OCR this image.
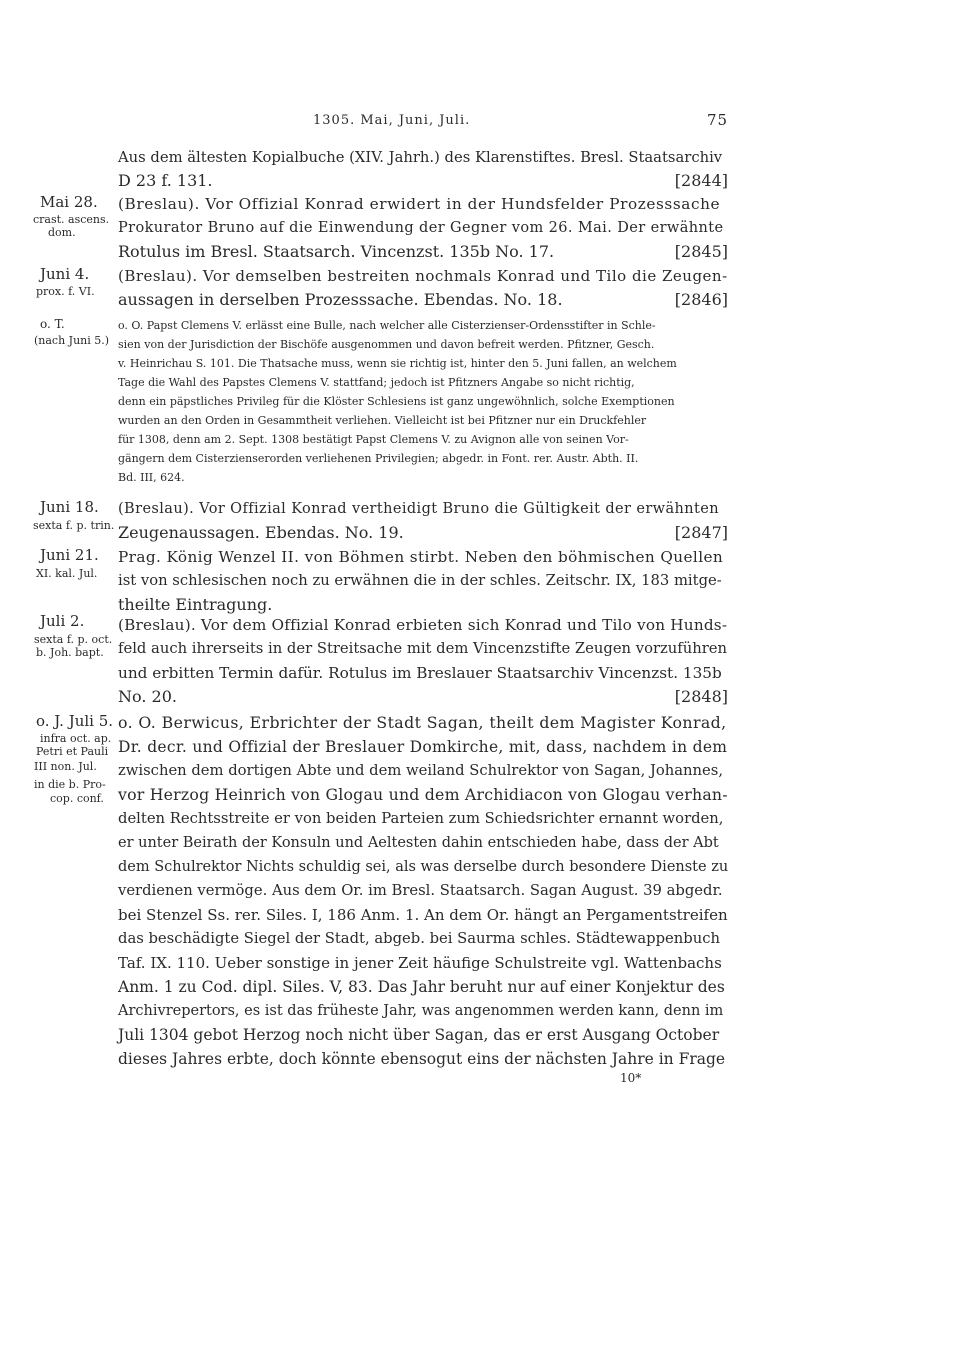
1305. Mai, Juni, Juli.	75
Aus dem ältesten Kopialbuche (XIV. Jahrh.) des Klarenstiftes. Bresl. Staatsarchiv
D 23 f. 131.	[2844]
Mai 28.
crast. ascens.
dom.
(Breslau). Vor Offizial Konrad erwidert in der Hundsfelder Prozesssache
Prokurator Bruno auf die Einwendung der Gegner vom 26. Mai. Der erwähnte
Rotulus im Bresl. Staatsarch. Vincenzst. 135b No. 17.	[2845]
Juni 4.
prox. f. VI.
(Breslau). Vor demselben bestreiten nochmals Konrad und Tilo die Zeugen-
aussagen in derselben Prozesssache. Ebendas. No. 18.	[2846]
o. T.
(nach Juni 5.)
o. O. Papst Clemens V. erlässt eine Bulle, nach welcher alle Cisterzienser-Ordensstifter in Schle-
sien von der Jurisdiction der Bischöfe ausgenommen und davon befreit werden. Pfitzner, Gesch.
v. Heinrichau S. 101. Die Thatsache muss, wenn sie richtig ist, hinter den 5. Juni fallen, an welchem
Tage die Wahl des Papstes Clemens V. stattfand; jedoch ist Pfitzners Angabe so nicht richtig,
denn ein päpstliches Privileg für die Klöster Schlesiens ist ganz ungewöhnlich, solche Exemptionen
wurden an den Orden in Gesammtheit verliehen. Vielleicht ist bei Pfitzner nur ein Druckfehler
für 1308, denn am 2. Sept. 1308 bestätigt Papst Clemens V. zu Avignon alle von seinen Vor-
gängern dem Cisterzienserorden verliehenen Privilegien; abgedr. in Font. rer. Austr. Abth. II.
Bd. III, 624.
Juni 18.
sexta f. p. trin.
(Breslau). Vor Offizial Konrad vertheidigt Bruno die Gültigkeit der erwähnten
Zeugenaussagen. Ebendas. No. 19.	[2847]
Juni 21.
XI. kal. Jul.
Prag. König Wenzel II. von Böhmen stirbt. Neben den böhmischen Quellen
ist von schlesischen noch zu erwähnen die in der schles. Zeitschr. IX, 183 mitge-
theilte Eintragung.
Juli 2.
sexta f. p. oct.
b. Joh. bapt.
(Breslau). Vor dem Offizial Konrad erbieten sich Konrad und Tilo von Hunds-
feld auch ihrerseits in der Streitsache mit dem Vincenzstifte Zeugen vorzuführen
und erbitten Termin dafür. Rotulus im Breslauer Staatsarchiv Vincenzst. 135b
No. 20.	[2848]
o. J. Juli 5.
infra oct. ap.
Petri et Pauli
III non. Jul.
in die b. Pro-
cop. conf.
o. O. Berwicus, Erbrichter der Stadt Sagan, theilt dem Magister Konrad,
Dr. decr. und Offizial der Breslauer Domkirche, mit, dass, nachdem in dem
zwischen dem dortigen Abte und dem weiland Schulrektor von Sagan, Johannes,
vor Herzog Heinrich von Glogau und dem Archidiacon von Glogau verhan-
delten Rechtsstreite er von beiden Parteien zum Schiedsrichter ernannt worden,
er unter Beirath der Konsuln und Aeltesten dahin entschieden habe, dass der Abt
dem Schulrektor Nichts schuldig sei, als was derselbe durch besondere Dienste zu
verdienen vermöge. Aus dem Or. im Bresl. Staatsarch. Sagan August. 39 abgedr.
bei Stenzel Ss. rer. Siles. I, 186 Anm. 1. An dem Or. hängt an Pergamentstreifen
das beschädigte Siegel der Stadt, abgeb. bei Saurma schles. Städtewappenbuch
Taf. IX. 110. Ueber sonstige in jener Zeit häufige Schulstreite vgl. Wattenbachs
Anm. 1 zu Cod. dipl. Siles. V, 83. Das Jahr beruht nur auf einer Konjektur des
Archivrepertors, es ist das früheste Jahr, was angenommen werden kann, denn im
Juli 1304 gebot Herzog noch nicht über Sagan, das er erst Ausgang October
dieses Jahres erbte, doch könnte ebensogut eins der nächsten Jahre in Frage
10*
